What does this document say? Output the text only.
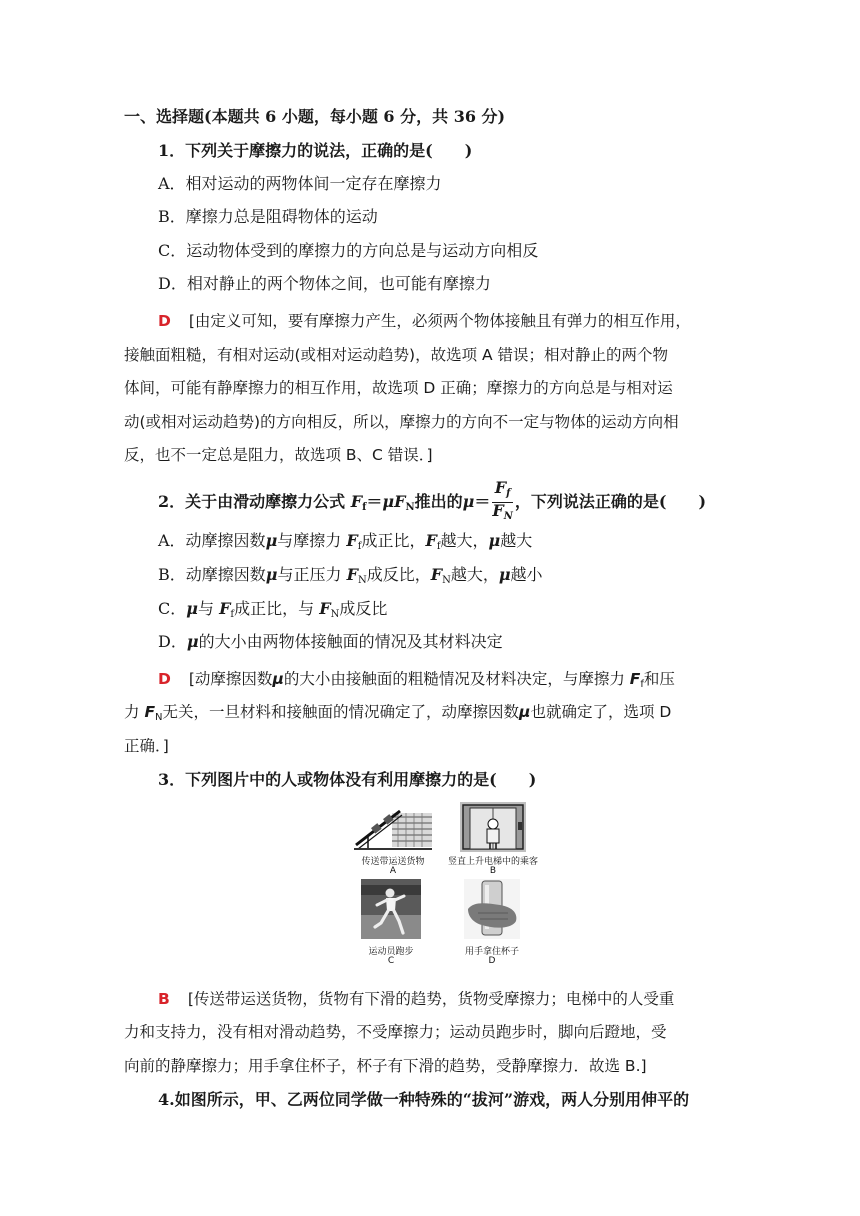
一、选择题(本题共 6 小题，每小题 6 分，共 36 分)
1．下列关于摩擦力的说法，正确的是(　　)
A．相对运动的两物体间一定存在摩擦力
B．摩擦力总是阻碍物体的运动
C．运动物体受到的摩擦力的方向总是与运动方向相反
D．相对静止的两个物体之间，也可能有摩擦力
D [由定义可知，要有摩擦力产生，必须两个物体接触且有弹力的相互作用，
接触面粗糙，有相对运动(或相对运动趋势)，故选项 A 错误；相对静止的两个物
体间，可能有静摩擦力的相互作用，故选项 D 正确；摩擦力的方向总是与相对运
动(或相对运动趋势)的方向相反，所以，摩擦力的方向不一定与物体的运动方向相
反，也不一定总是阻力，故选项 B、C 错误．]
2．关于由滑动摩擦力公式 $F_f=\mu F_N$推出的$\mu= \frac{F_f}{F_N}$ ，下列说法正确的是(　　)
A．动摩擦因数μ与摩擦力 $F_f$成正比，$F_f$越大，μ越大
B．动摩擦因数μ与正压力 $F_N$成反比，$F_N$越大，μ越小
C．μ与 $F_f$成正比，与 $F_N$成反比
D．μ的大小由两物体接触面的情况及其材料决定
D [动摩擦因数μ的大小由接触面的粗糙情况及材料决定，与摩擦力 $F_f$和压
力 $F_N$无关，一旦材料和接触面的情况确定了，动摩擦因数μ也就确定了，选项 D
正确．]
3．下列图片中的人或物体没有利用摩擦力的是(　　)
传送带运送货物
A
竖直上升电梯中的乘客
B
运动员跑步
C
用手拿住杯子
D
B [传送带运送货物，货物有下滑的趋势，货物受摩擦力；电梯中的人受重
力和支持力，没有相对滑动趋势，不受摩擦力；运动员跑步时，脚向后蹬地，受
向前的静摩擦力；用手拿住杯子，杯子有下滑的趋势，受静摩擦力．故选 B.]
4.如图所示，甲、乙两位同学做一种特殊的“拔河”游戏，两人分别用伸平的
